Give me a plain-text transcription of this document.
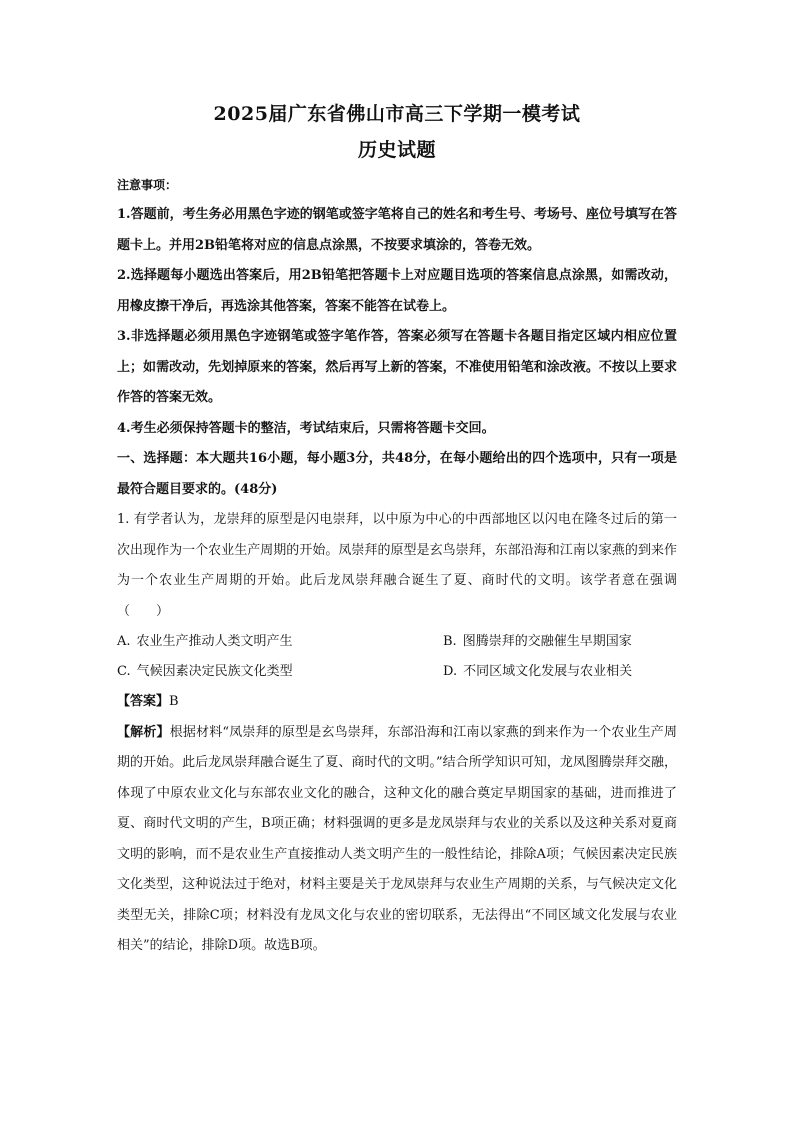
2025届广东省佛山市高三下学期一模考试
历史试题

注意事项：

1.答题前，考生务必用黑色字迹的钢笔或签字笔将自己的姓名和考生号、考场号、座位号填写在答题卡上。并用2B铅笔将对应的信息点涂黑，不按要求填涂的，答卷无效。

2.选择题每小题选出答案后，用2B铅笔把答题卡上对应题目选项的答案信息点涂黑，如需改动，用橡皮擦干净后，再选涂其他答案，答案不能答在试卷上。

3.非选择题必须用黑色字迹钢笔或签字笔作答，答案必须写在答题卡各题目指定区域内相应位置上；如需改动，先划掉原来的答案，然后再写上新的答案，不准使用铅笔和涂改液。不按以上要求作答的答案无效。

4.考生必须保持答题卡的整洁，考试结束后，只需将答题卡交回。

一、选择题：本大题共16小题，每小题3分，共48分，在每小题给出的四个选项中，只有一项是最符合题目要求的。(48分)

1. 有学者认为，龙崇拜的原型是闪电崇拜，以中原为中心的中西部地区以闪电在隆冬过后的第一次出现作为一个农业生产周期的开始。凤崇拜的原型是玄鸟崇拜，东部沿海和江南以家燕的到来作为一个农业生产周期的开始。此后龙凤崇拜融合诞生了夏、商时代的文明。该学者意在强调（　　）

A. 农业生产推动人类文明产生	B. 图腾崇拜的交融催生早期国家
C. 气候因素决定民族文化类型	D. 不同区域文化发展与农业相关

【答案】B

【解析】根据材料“凤崇拜的原型是玄鸟崇拜，东部沿海和江南以家燕的到来作为一个农业生产周期的开始。此后龙凤崇拜融合诞生了夏、商时代的文明。”结合所学知识可知，龙凤图腾崇拜交融，体现了中原农业文化与东部农业文化的融合，这种文化的融合奠定早期国家的基础，进而推进了夏、商时代文明的产生，B项正确；材料强调的更多是龙凤崇拜与农业的关系以及这种关系对夏商文明的影响，而不是农业生产直接推动人类文明产生的一般性结论，排除A项；气候因素决定民族文化类型，这种说法过于绝对，材料主要是关于龙凤崇拜与农业生产周期的关系，与气候决定文化类型无关，排除C项；材料没有龙凤文化与农业的密切联系，无法得出“不同区域文化发展与农业相关”的结论，排除D项。故选B项。
